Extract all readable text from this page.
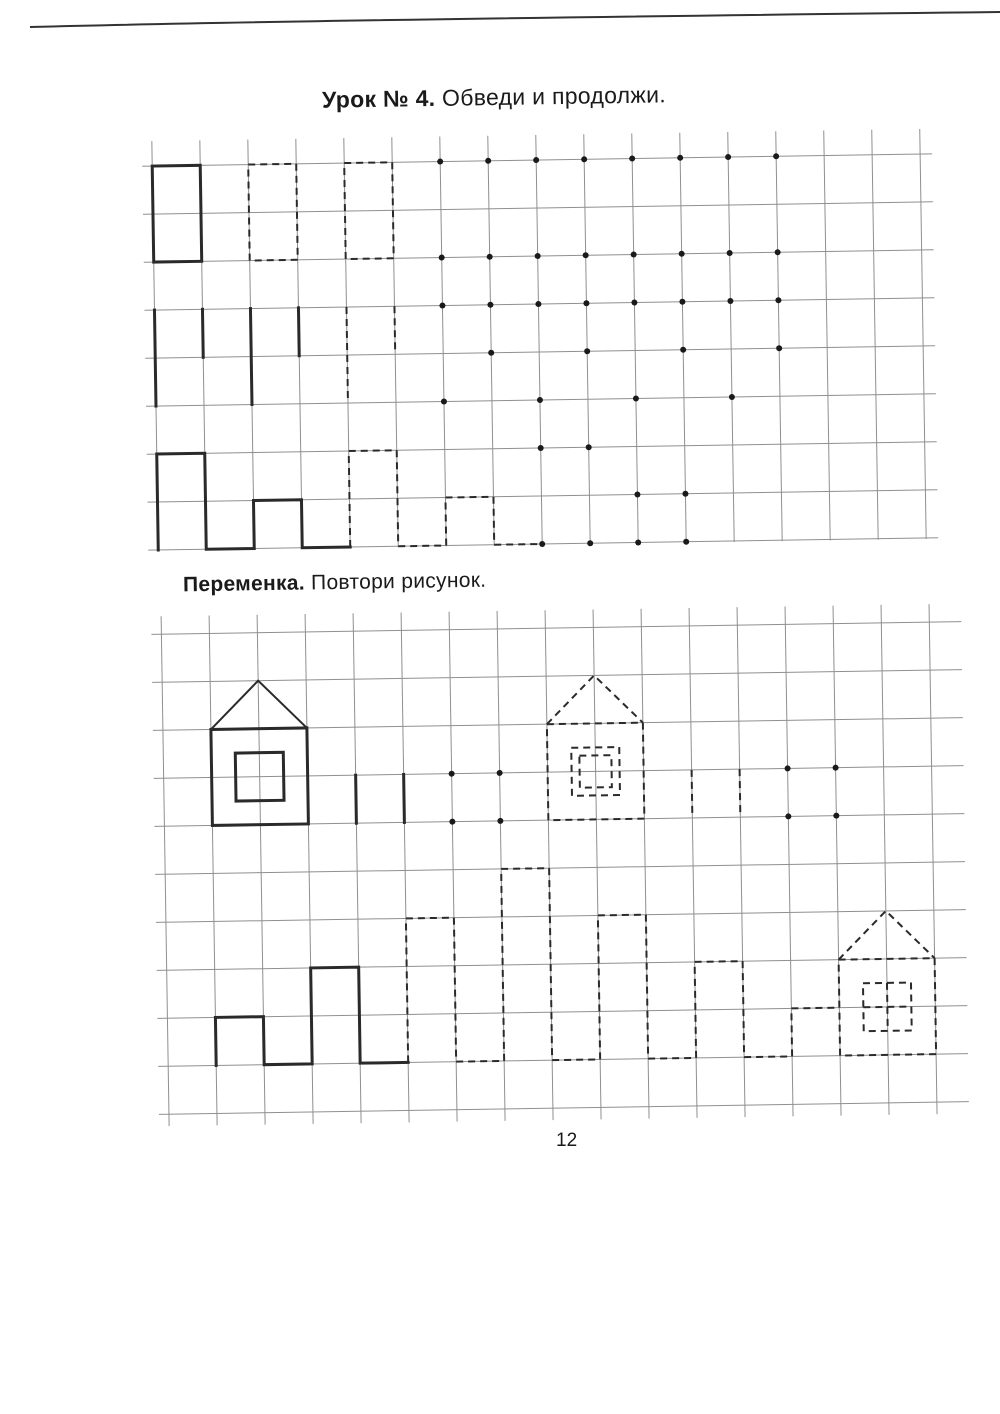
Урок № 4. Обведи и продолжи.
Переменка. Повтори рисунок.
12
